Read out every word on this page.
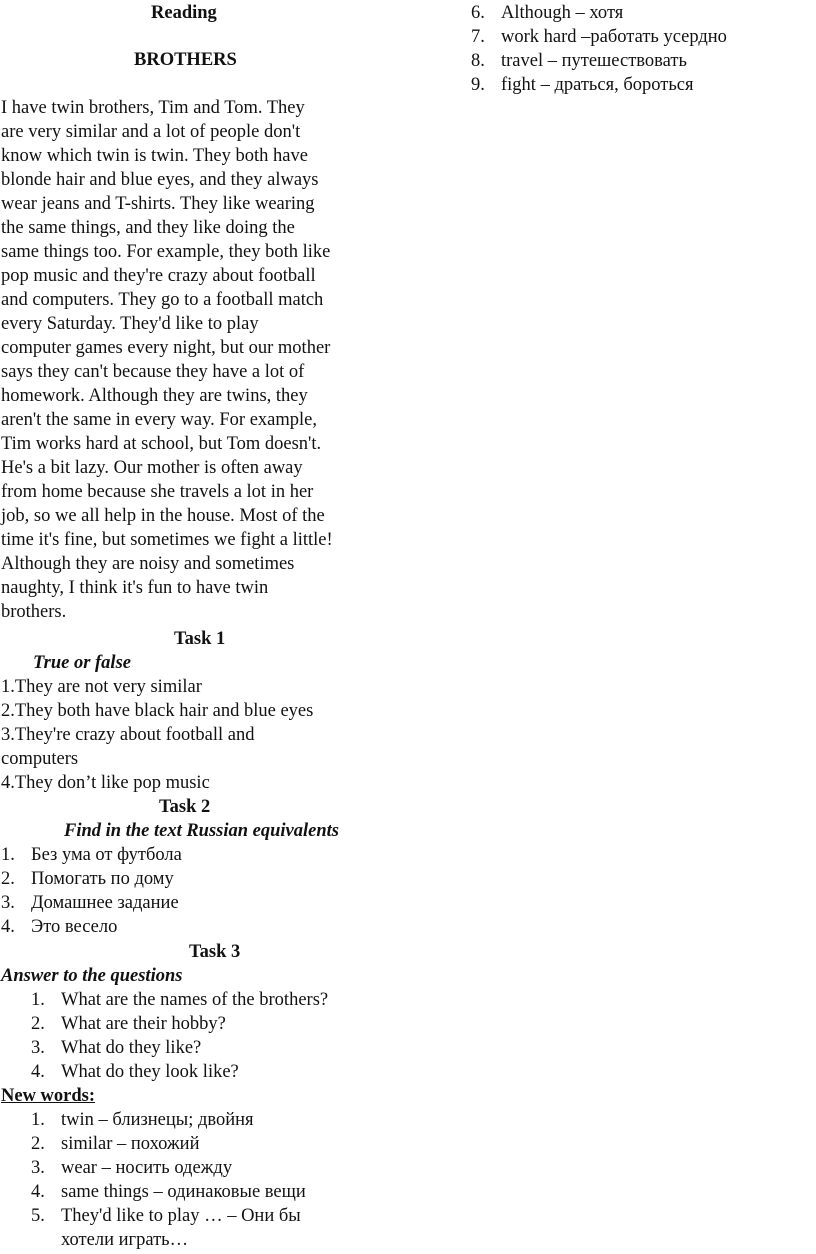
Reading
BROTHERS
I have twin brothers, Tim and Tom. They
are very similar and a lot of people don't
know which twin is twin. They both have
blonde hair and blue eyes, and they always
wear jeans and T-shirts. They like wearing
the same things, and they like doing the
same things too. For example, they both like
pop music and they're crazy about football
and computers. They go to a football match
every Saturday. They'd like to play
computer games every night, but our mother
says they can't because they have a lot of
homework. Although they are twins, they
aren't the same in every way. For example,
Tim works hard at school, but Tom doesn't.
He's a bit lazy. Our mother is often away
from home because she travels a lot in her
job, so we all help in the house. Most of the
time it's fine, but sometimes we fight a little!
Although they are noisy and sometimes
naughty, I think it's fun to have twin
brothers.
Task 1
True or false
1.They are not very similar
2.They both have black hair and blue eyes
3.They're crazy about football and
computers
4.They don’t like pop music
Task 2
Find in the text Russian equivalents
1. Без ума от футбола
2. Помогать по дому
3. Домашнее задание
4. Это весело
Task 3
Answer to the questions
1. What are the names of the brothers?
2. What are their hobby?
3. What do they like?
4. What do they look like?
New words:
1. twin – близнецы; двойня
2. similar – похожий
3. wear – носить одежду
4. same things – одинаковые вещи
5. They'd like to play … – Они бы
хотели играть…
6. Although – хотя
7. work hard –работать усердно
8. travel – путешествовать
9. fight – драться, бороться
